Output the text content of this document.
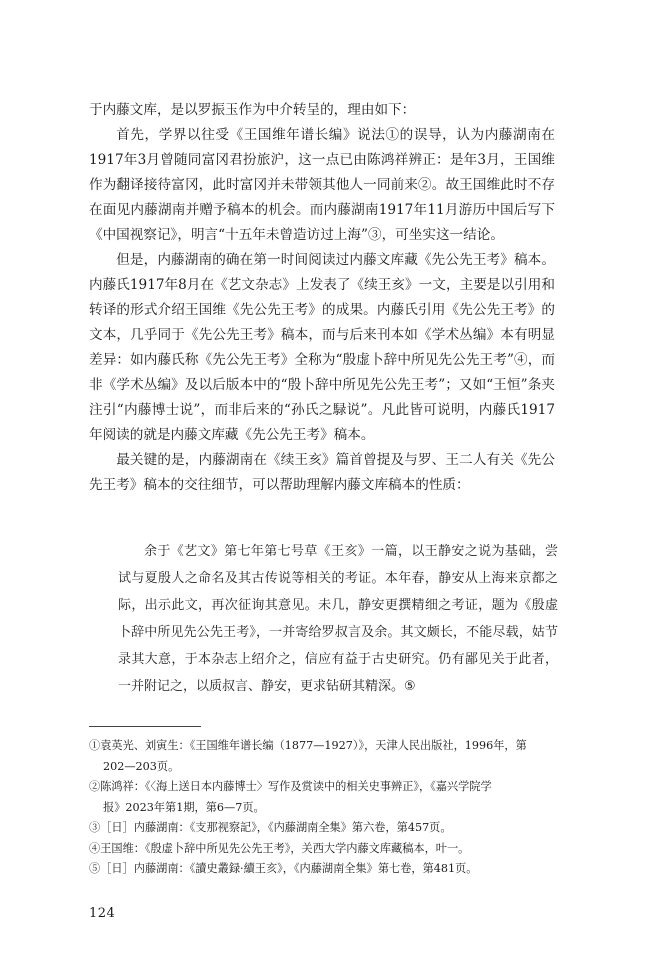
于内藤文库，是以罗振玉作为中介转呈的，理由如下：

首先，学界以往受《王国维年谱长编》说法①的误导，认为内藤湖南在1917年3月曾随同富冈君扮旅沪，这一点已由陈鸿祥辨正：是年3月，王国维作为翻译接待富冈，此时富冈并未带领其他人一同前来②。故王国维此时不存在面见内藤湖南并赠予稿本的机会。而内藤湖南1917年11月游历中国后写下《中国视察记》，明言“十五年未曾造访过上海”③，可坐实这一结论。

但是，内藤湖南的确在第一时间阅读过内藤文库藏《先公先王考》稿本。内藤氏1917年8月在《艺文杂志》上发表了《续王亥》一文，主要是以引用和转译的形式介绍王国维《先公先王考》的成果。内藤氏引用《先公先王考》的文本，几乎同于《先公先王考》稿本，而与后来刊本如《学术丛编》本有明显差异：如内藤氏称《先公先王考》全称为“殷虚卜辞中所见先公先王考”④，而非《学术丛编》及以后版本中的“殷卜辞中所见先公先王考”；又如“王恒”条夹注引“内藤博士说”，而非后来的“孙氏之騄说”。凡此皆可说明，内藤氏1917年阅读的就是内藤文库藏《先公先王考》稿本。

最关键的是，内藤湖南在《续王亥》篇首曾提及与罗、王二人有关《先公先王考》稿本的交往细节，可以帮助理解内藤文库稿本的性质：

余于《艺文》第七年第七号草《王亥》一篇，以王静安之说为基础，尝试与夏殷人之命名及其古传说等相关的考证。本年春，静安从上海来京都之际，出示此文，再次征询其意见。未几，静安更撰精细之考证，题为《殷虚卜辞中所见先公先王考》，一并寄给罗叔言及余。其文颇长，不能尽载，姑节录其大意，于本杂志上绍介之，信应有益于古史研究。仍有鄙见关于此者，一并附记之，以质叔言、静安，更求钻研其精深。⑤

①袁英光、刘寅生：《王国维年谱长编（1877—1927）》，天津人民出版社，1996年，第
202—203页。

②陈鸿祥：《〈海上送日本内藤博士〉写作及赏读中的相关史事辨正》，《嘉兴学院学
报》2023年第1期，第6—7页。

③［日］内藤湖南：《支那视察記》，《内藤湖南全集》第六卷，第457页。

④王国维：《殷虚卜辞中所见先公先王考》，关西大学内藤文库藏稿本，叶一。

⑤［日］内藤湖南：《讀史叢録·續王亥》，《内藤湖南全集》第七卷，第481页。

124
